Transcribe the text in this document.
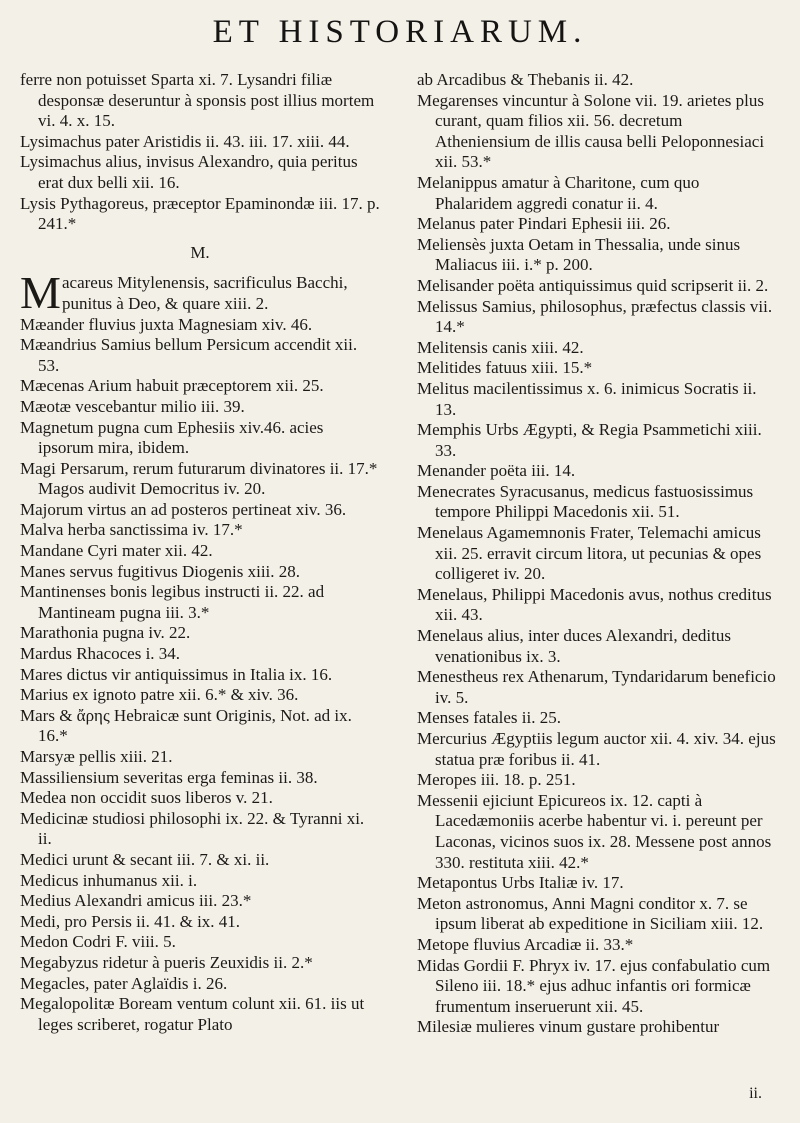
ET HISTORIARUM.

ferre non potuisset Sparta xi. 7. Lysandri filiæ desponsæ deseruntur à sponsis post illius mortem vi. 4. x. 15.

Lysimachus pater Aristidis ii. 43. iii. 17. xiii. 44.

Lysimachus alius, invisus Alexandro, quia peritus erat dux belli xii. 16.

Lysis Pythagoreus, præceptor Epaminondæ iii. 17. p. 241.*

M.

M acareus Mitylenensis, sacrificulus Bacchi, punitus à Deo, & quare xiii. 2.

Mæander fluvius juxta Magnesiam xiv. 46.

Mæandrius Samius bellum Persicum accendit xii. 53.

Mæcenas Arium habuit præceptorem xii. 25.

Mæotæ vescebantur milio iii. 39.

Magnetum pugna cum Ephesiis xiv.46. acies ipsorum mira, ibidem.

Magi Persarum, rerum futurarum divinatores ii. 17.* Magos audivit Democritus iv. 20.

Majorum virtus an ad posteros pertineat xiv. 36.

Malva herba sanctissima iv. 17.*

Mandane Cyri mater xii. 42.

Manes servus fugitivus Diogenis xiii. 28.

Mantinenses bonis legibus instructi ii. 22. ad Mantineam pugna iii. 3.*

Marathonia pugna iv. 22.

Mardus Rhacoces i. 34.

Mares dictus vir antiquissimus in Italia ix. 16.

Marius ex ignoto patre xii. 6.* & xiv. 36.

Mars & ἄρης Hebraicæ sunt Originis, Not. ad ix. 16.*

Marsyæ pellis xiii. 21.

Massiliensium severitas erga feminas ii. 38.

Medea non occidit suos liberos v. 21.

Medicinæ studiosi philosophi ix. 22. & Tyranni xi. ii.

Medici urunt & secant iii. 7. & xi. ii.

Medicus inhumanus xii. i.

Medius Alexandri amicus iii. 23.*

Medi, pro Persis ii. 41. & ix. 41.

Medon Codri F. viii. 5.

Megabyzus ridetur à pueris Zeuxidis ii. 2.*

Megacles, pater Aglaïdis i. 26.

Megalopolitæ Boream ventum colunt xii. 61. iis ut leges scriberet, rogatur Plato

ab Arcadibus & Thebanis ii. 42.

Megarenses vincuntur à Solone vii. 19. arietes plus curant, quam filios xii. 56. decretum Atheniensium de illis causa belli Peloponnesiaci xii. 53.*

Melanippus amatur à Charitone, cum quo Phalaridem aggredi conatur ii. 4.

Melanus pater Pindari Ephesii iii. 26.

Meliensès juxta Oetam in Thessalia, unde sinus Maliacus iii. i.* p. 200.

Melisander poëta antiquissimus quid scripserit ii. 2.

Melissus Samius, philosophus, præfectus classis vii. 14.*

Melitensis canis xiii. 42.

Melitides fatuus xiii. 15.*

Melitus macilentissimus x. 6. inimicus Socratis ii. 13.

Memphis Urbs Ægypti, & Regia Psammetichi xiii. 33.

Menander poëta iii. 14.

Menecrates Syracusanus, medicus fastuosissimus tempore Philippi Macedonis xii. 51.

Menelaus Agamemnonis Frater, Telemachi amicus xii. 25. erravit circum litora, ut pecunias & opes colligeret iv. 20.

Menelaus, Philippi Macedonis avus, nothus creditus xii. 43.

Menelaus alius, inter duces Alexandri, deditus venationibus ix. 3.

Menestheus rex Athenarum, Tyndaridarum beneficio iv. 5.

Menses fatales ii. 25.

Mercurius Ægyptiis legum auctor xii. 4. xiv. 34. ejus statua præ foribus ii. 41.

Meropes iii. 18. p. 251.

Messenii ejiciunt Epicureos ix. 12. capti à Lacedæmoniis acerbe habentur vi. i. pereunt per Laconas, vicinos suos ix. 28. Messene post annos 330. restituta xiii. 42.*

Metapontus Urbs Italiæ iv. 17.

Meton astronomus, Anni Magni conditor x. 7. se ipsum liberat ab expeditione in Siciliam xiii. 12.

Metope fluvius Arcadiæ ii. 33.*

Midas Gordii F. Phryx iv. 17. ejus confabulatio cum Sileno iii. 18.* ejus adhuc infantis ori formicæ frumentum inseruerunt xii. 45.

Milesiæ mulieres vinum gustare prohibentur

ii.
